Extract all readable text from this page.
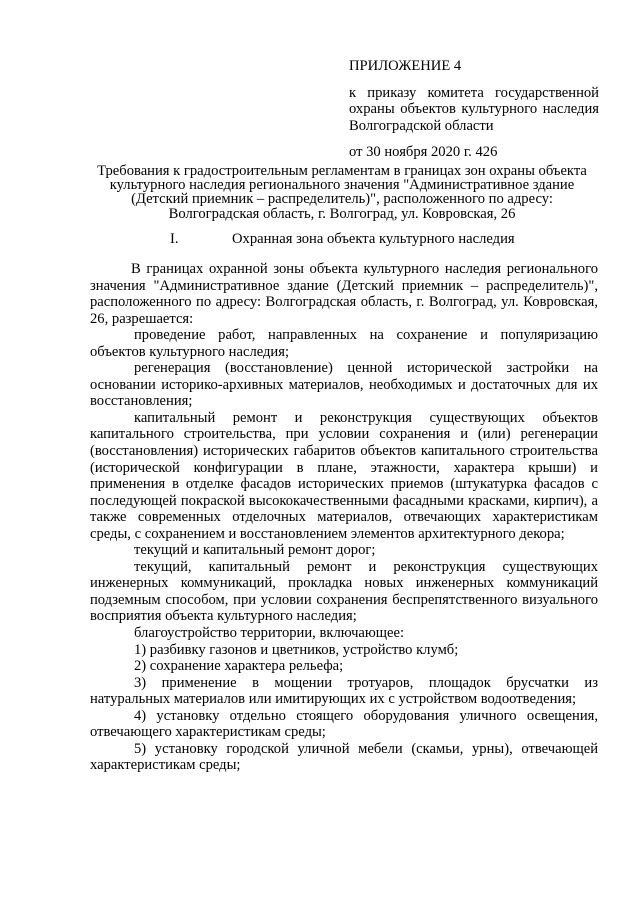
ПРИЛОЖЕНИЕ 4

к приказу комитета государственной охраны объектов культурного наследия Волгоградской области

от 30 ноября 2020 г. 426

Требования к градостроительным регламентам в границах зон охраны объекта культурного наследия регионального значения "Административное здание (Детский приемник – распределитель)", расположенного по адресу: Волгоградская область, г. Волгоград, ул. Ковровская, 26
I.	Охранная зона объекта культурного наследия

В границах охранной зоны объекта культурного наследия регионального значения "Административное здание (Детский приемник – распределитель)", расположенного по адресу: Волгоградская область, г. Волгоград, ул. Ковровская, 26, разрешается:

проведение работ, направленных на сохранение и популяризацию объектов культурного наследия;

регенерация (восстановление) ценной исторической застройки на основании историко-архивных материалов, необходимых и достаточных для их восстановления;

капитальный ремонт и реконструкция существующих объектов капитального строительства, при условии сохранения и (или) регенерации (восстановления) исторических габаритов объектов капитального строительства (исторической конфигурации в плане, этажности, характера крыши) и применения в отделке фасадов исторических приемов (штукатурка фасадов с последующей покраской высококачественными фасадными красками, кирпич), а также современных отделочных материалов, отвечающих характеристикам среды, с сохранением и восстановлением элементов архитектурного декора;

текущий и капитальный ремонт дорог;

текущий, капитальный ремонт и реконструкция существующих инженерных коммуникаций, прокладка новых инженерных коммуникаций подземным способом, при условии сохранения беспрепятственного визуального восприятия объекта культурного наследия;

благоустройство территории, включающее:

1) разбивку газонов и цветников, устройство клумб;

2) сохранение характера рельефа;

3) применение в мощении тротуаров, площадок брусчатки из натуральных материалов или имитирующих их с устройством водоотведения;

4) установку отдельно стоящего оборудования уличного освещения, отвечающего характеристикам среды;

5) установку городской уличной мебели (скамьи, урны), отвечающей характеристикам среды;
